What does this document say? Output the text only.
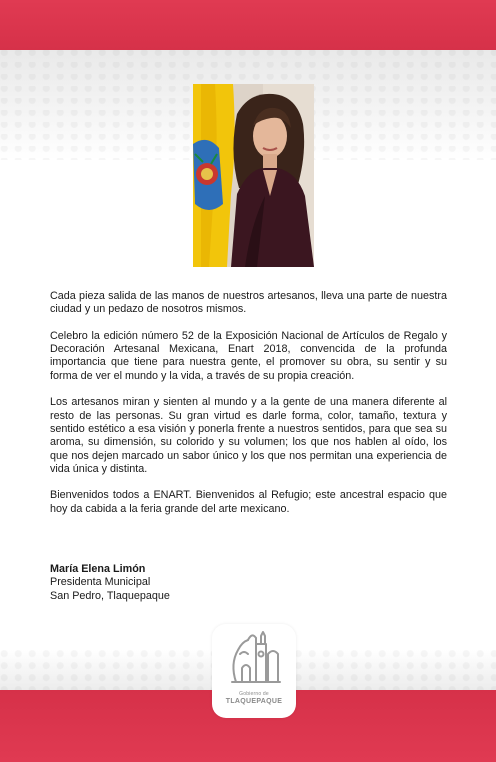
Cada pieza salida de las manos de nuestros artesanos, lleva una parte de nuestra ciudad y un pedazo de nosotros mismos.

Celebro la edición número 52 de la Exposición Nacional de Artículos de Regalo y Decoración Artesanal Mexicana, Enart 2018, convencida de la profunda importancia que tiene para nuestra gente, el promover su obra, su sentir y su forma de ver el mundo y la vida, a través de su propia creación.

Los artesanos miran y sienten al mundo y a la gente de una manera diferente al resto de las personas. Su gran virtud es darle forma, color, tamaño, textura y sentido estético a esa visión y ponerla frente a nuestros sentidos, para que sea su aroma, su dimensión, su colorido y su volumen; los que nos hablen al oído, los que nos dejen marcado un sabor único y los que nos permitan una experiencia de vida única y distinta.

Bienvenidos todos a ENART. Bienvenidos al Refugio; este ancestral espacio que hoy da cabida a la feria grande del arte mexicano.

María Elena Limón
Presidenta Municipal
San Pedro, Tlaquepaque
Gobierno de
TLAQUEPAQUE
